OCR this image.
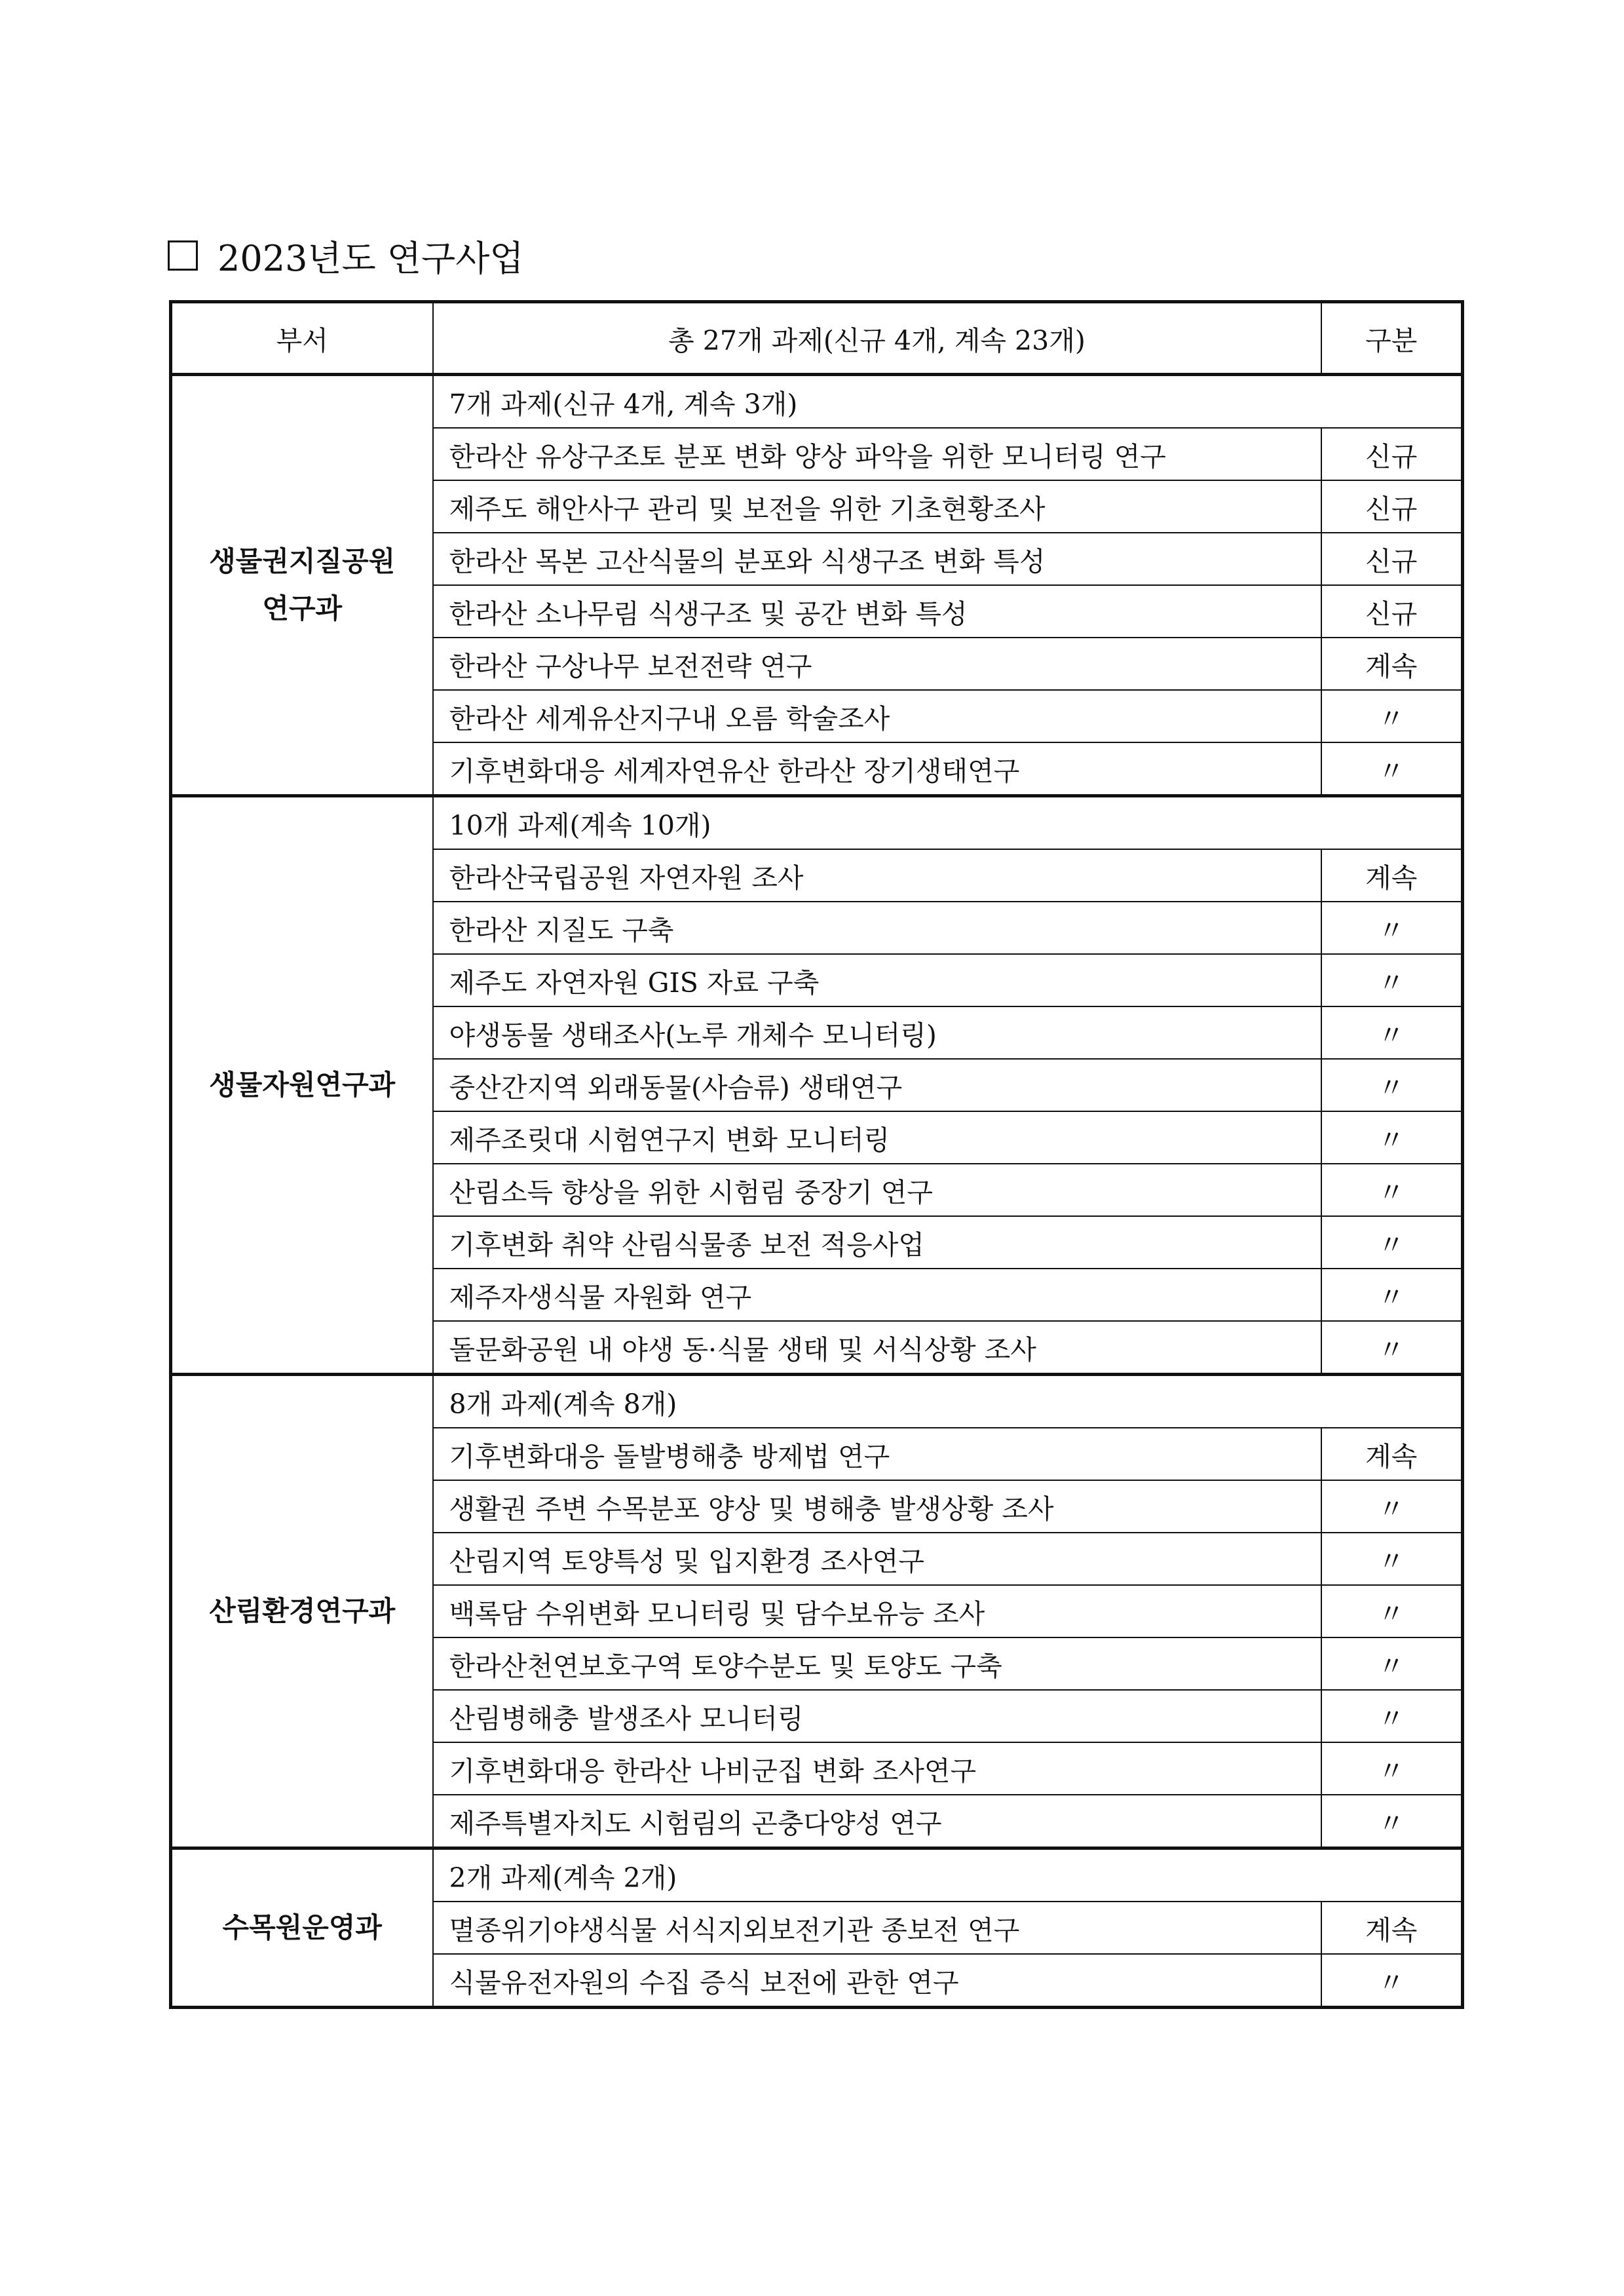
2023년도 연구사업
부서	총 27개 과제(신규 4개, 계속 23개)	구분

생물권지질공원
연구과	7개 과제(신규 4개, 계속 3개)	
	한라산 유상구조토 분포 변화 양상 파악을 위한 모니터링 연구	신규
	제주도 해안사구 관리 및 보전을 위한 기초현황조사	신규
	한라산 목본 고산식물의 분포와 식생구조 변화 특성	신규
	한라산 소나무림 식생구조 및 공간 변화 특성	신규
	한라산 구상나무 보전전략 연구	계속
	한라산 세계유산지구내 오름 학술조사	〃
	기후변화대응 세계자연유산 한라산 장기생태연구	〃

생물자원연구과	10개 과제(계속 10개)	
	한라산국립공원 자연자원 조사	계속
	한라산 지질도 구축	〃
	제주도 자연자원 GIS 자료 구축	〃
	야생동물 생태조사(노루 개체수 모니터링)	〃
	중산간지역 외래동물(사슴류) 생태연구	〃
	제주조릿대 시험연구지 변화 모니터링	〃
	산림소득 향상을 위한 시험림 중장기 연구	〃
	기후변화 취약 산림식물종 보전 적응사업	〃
	제주자생식물 자원화 연구	〃
	돌문화공원 내 야생 동·식물 생태 및 서식상황 조사	〃

산림환경연구과	8개 과제(계속 8개)	
	기후변화대응 돌발병해충 방제법 연구	계속
	생활권 주변 수목분포 양상 및 병해충 발생상황 조사	〃
	산림지역 토양특성 및 입지환경 조사연구	〃
	백록담 수위변화 모니터링 및 담수보유능 조사	〃
	한라산천연보호구역 토양수분도 및 토양도 구축	〃
	산림병해충 발생조사 모니터링	〃
	기후변화대응 한라산 나비군집 변화 조사연구	〃
	제주특별자치도 시험림의 곤충다양성 연구	〃

수목원운영과	2개 과제(계속 2개)	
	멸종위기야생식물 서식지외보전기관 종보전 연구	계속
	식물유전자원의 수집 증식 보전에 관한 연구	〃
